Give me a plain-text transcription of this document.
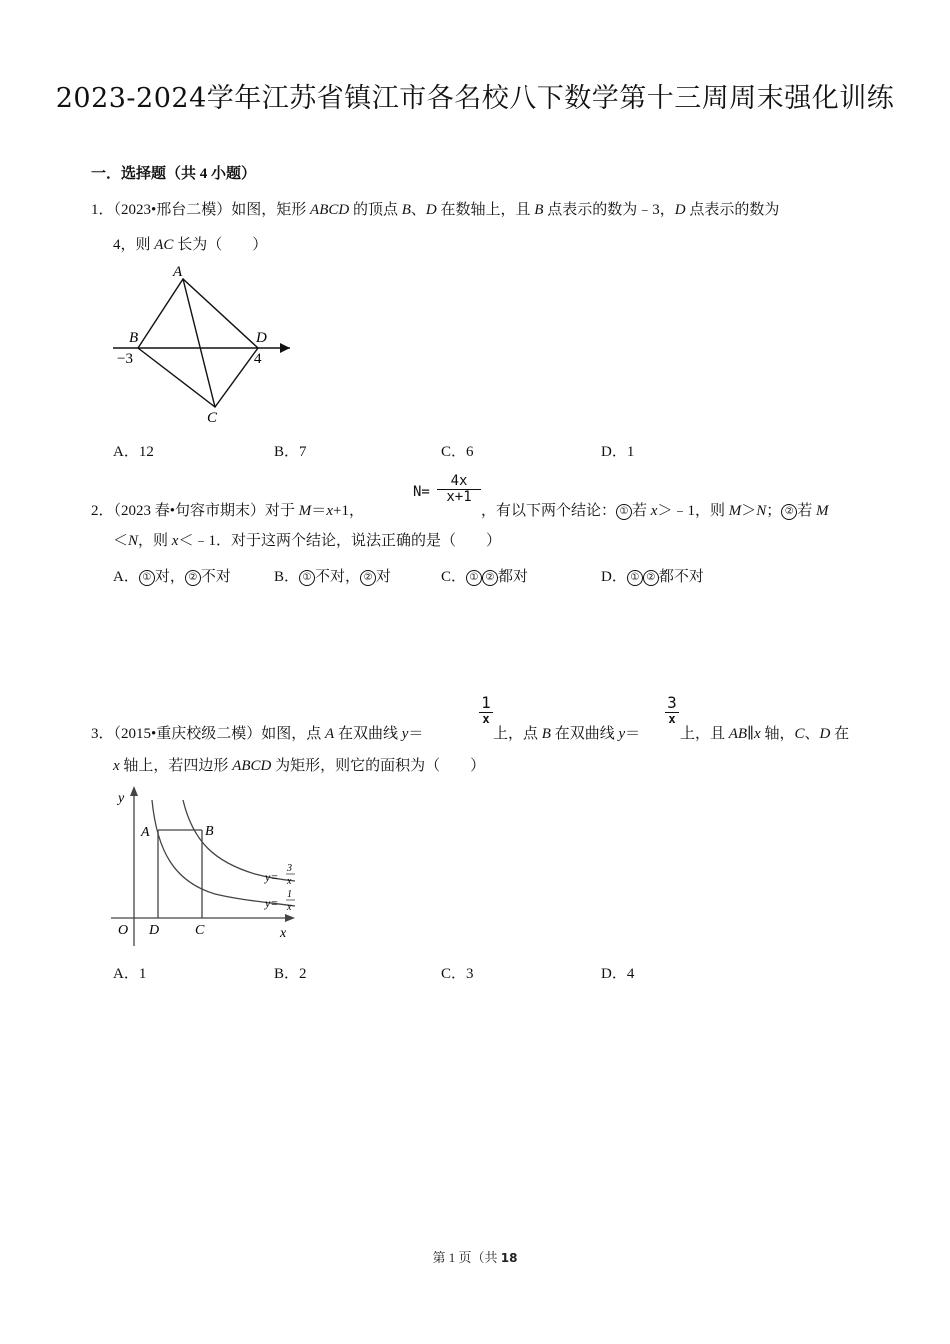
2023-2024学年江苏省镇江市各名校八下数学第十三周周末强化训练
一．选择题（共 4 小题）
1．（2023•邢台二模）如图，矩形 ABCD 的顶点 B、D 在数轴上，且 B 点表示的数为﹣3，D 点表示的数为
4，则 AC 长为（　　）
A
B	D
C
−3	4
A．12	B．7	C．6	D．1
2．（2023 春•句容市期末）对于 M＝x+1，
$N= \frac{4x}{x+1}$
，有以下两个结论： ① 若 x＞﹣1，则 M＞N； ② 若 M
＜N，则 x＜﹣1．对于这两个结论，说法正确的是（　　）
A． ① 对， ② 不对	B． ① 不对， ② 对	C． ① ② 都对	D． ① ② 都不对
3．（2015•重庆校级二模）如图，点 A 在双曲线 y＝
1
x
上，点 B 在双曲线 y＝
3
x
上，且 AB∥x 轴，C、D 在
x 轴上，若四边形 ABCD 为矩形，则它的面积为（　　）
y
A	B
O D	C	x
y=
3
x
y=
1
x
A．1	B．2	C．3	D．4
第 1 页（共 18
